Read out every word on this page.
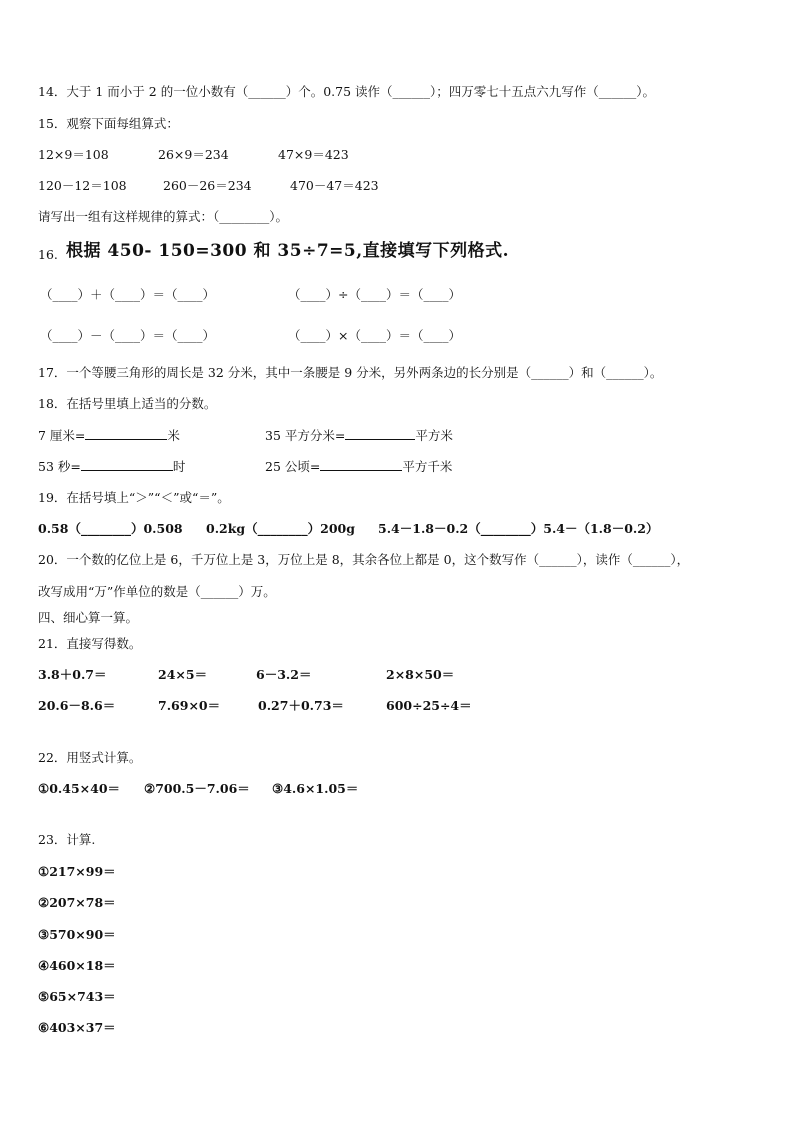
14．大于 1 而小于 2 的一位小数有（______）个。0.75 读作（______）；四万零七十五点六九写作（______）。
15．观察下面每组算式：
12×9＝108	26×9＝234	47×9＝423
120－12＝108	260－26＝234	470－47＝423
请写出一组有这样规律的算式：（________）。
16. 根据 450- 150=300 和 35÷7=5,直接填写下列格式.
（____）＋（____）＝（____）	（____）÷（____）＝（____）
（____）－（____）＝（____）	（____）×（____）＝（____）
17．一个等腰三角形的周长是 32 分米，其中一条腰是 9 分米，另外两条边的长分别是（______）和（______）。
18．在括号里填上适当的分数。
7 厘米=	米	35 平方分米=	平方米
53 秒=	时	25 公顷=	平方千米
19．在括号填上“＞”“＜”或“＝”。
0.58（________）0.508 0.2kg（________）200g 5.4－1.8－0.2（________）5.4－（1.8－0.2）
20．一个数的亿位上是 6，千万位上是 3，万位上是 8，其余各位上都是 0，这个数写作（______），读作（______），
改写成用“万”作单位的数是（______）万。
四、细心算一算。
21．直接写得数。
3.8＋0.7＝	24×5＝	6－3.2＝	2×8×50＝
20.6－8.6＝	7.69×0＝	0.27＋0.73＝	600÷25÷4＝
22．用竖式计算。
①0.45×40＝ ②700.5－7.06＝ ③4.6×1.05＝
23．计算.
①217×99＝
②207×78＝
③570×90＝
④460×18＝
⑤65×743＝
⑥403×37＝
